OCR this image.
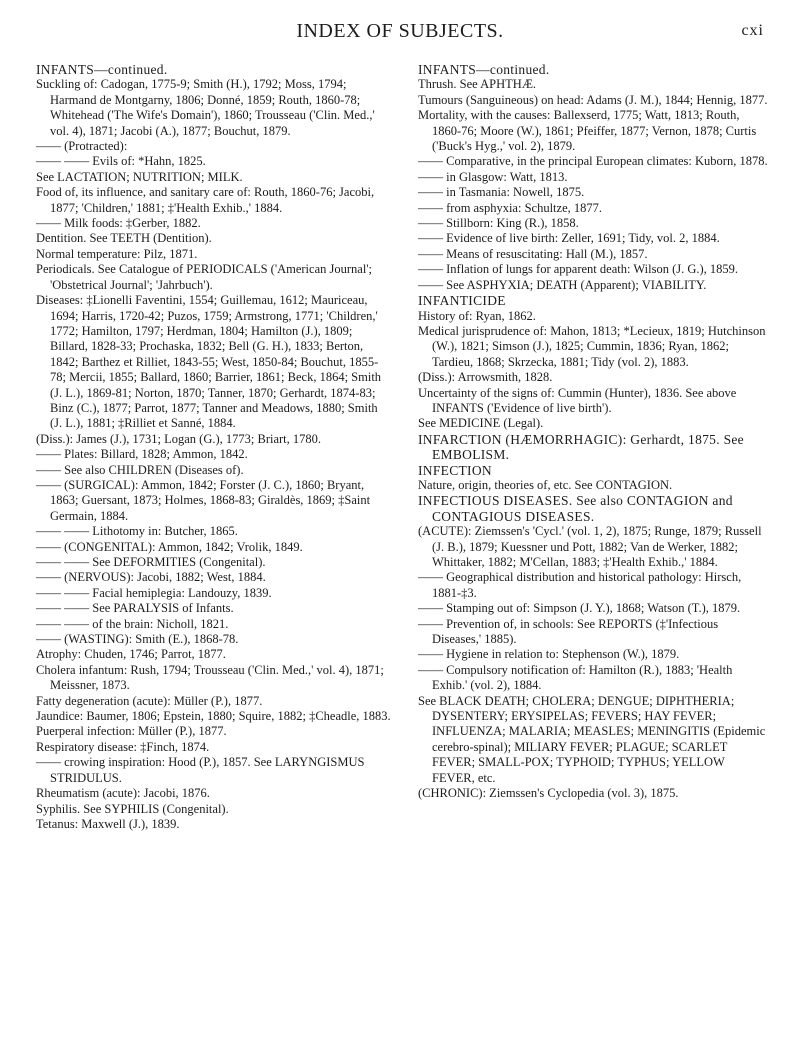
INDEX OF SUBJECTS.	cxi

INFANTS—continued.

Suckling of: Cadogan, 1775-9; Smith (H.), 1792; Moss, 1794; Harmand de Montgarny, 1806; Donné, 1859; Routh, 1860-78; Whitehead ('The Wife's Domain'), 1860; Trousseau ('Clin. Med.,' vol. 4), 1871; Jacobi (A.), 1877; Bouchut, 1879.

—— (Protracted):

—— —— Evils of: *Hahn, 1825.

See LACTATION; NUTRITION; MILK.

Food of, its influence, and sanitary care of: Routh, 1860-76; Jacobi, 1877; 'Children,' 1881; ‡'Health Exhib.,' 1884.

—— Milk foods: ‡Gerber, 1882.

Dentition. See TEETH (Dentition).

Normal temperature: Pilz, 1871.

Periodicals. See Catalogue of PERIODICALS ('American Journal'; 'Obstetrical Journal'; 'Jahrbuch').

Diseases: ‡Lionelli Faventini, 1554; Guillemau, 1612; Mauriceau, 1694; Harris, 1720-42; Puzos, 1759; Armstrong, 1771; 'Children,' 1772; Hamilton, 1797; Herdman, 1804; Hamilton (J.), 1809; Billard, 1828-33; Prochaska, 1832; Bell (G. H.), 1833; Berton, 1842; Barthez et Rilliet, 1843-55; West, 1850-84; Bouchut, 1855-78; Mercii, 1855; Ballard, 1860; Barrier, 1861; Beck, 1864; Smith (J. L.), 1869-81; Norton, 1870; Tanner, 1870; Gerhardt, 1874-83; Binz (C.), 1877; Parrot, 1877; Tanner and Meadows, 1880; Smith (J. L.), 1881; ‡Rilliet et Sanné, 1884.

(Diss.): James (J.), 1731; Logan (G.), 1773; Briart, 1780.

—— Plates: Billard, 1828; Ammon, 1842.

—— See also CHILDREN (Diseases of).

—— (SURGICAL): Ammon, 1842; Forster (J. C.), 1860; Bryant, 1863; Guersant, 1873; Holmes, 1868-83; Giraldès, 1869; ‡Saint Germain, 1884.

—— —— Lithotomy in: Butcher, 1865.

—— (CONGENITAL): Ammon, 1842; Vrolik, 1849.

—— —— See DEFORMITIES (Congenital).

—— (NERVOUS): Jacobi, 1882; West, 1884.

—— —— Facial hemiplegia: Landouzy, 1839.

—— —— See PARALYSIS of Infants.

—— —— of the brain: Nicholl, 1821.

—— (WASTING): Smith (E.), 1868-78.

Atrophy: Chuden, 1746; Parrot, 1877.

Cholera infantum: Rush, 1794; Trousseau ('Clin. Med.,' vol. 4), 1871; Meissner, 1873.

Fatty degeneration (acute): Müller (P.), 1877.

Jaundice: Baumer, 1806; Epstein, 1880; Squire, 1882; ‡Cheadle, 1883.

Puerperal infection: Müller (P.), 1877.

Respiratory disease: ‡Finch, 1874.

—— crowing inspiration: Hood (P.), 1857. See LARYNGISMUS STRIDULUS.

Rheumatism (acute): Jacobi, 1876.

Syphilis. See SYPHILIS (Congenital).

Tetanus: Maxwell (J.), 1839.

INFANTS—continued.

Thrush. See APHTHÆ.

Tumours (Sanguineous) on head: Adams (J. M.), 1844; Hennig, 1877.

Mortality, with the causes: Ballexserd, 1775; Watt, 1813; Routh, 1860-76; Moore (W.), 1861; Pfeiffer, 1877; Vernon, 1878; Curtis ('Buck's Hyg.,' vol. 2), 1879.

—— Comparative, in the principal European climates: Kuborn, 1878.

—— in Glasgow: Watt, 1813.

—— in Tasmania: Nowell, 1875.

—— from asphyxia: Schultze, 1877.

—— Stillborn: King (R.), 1858.

—— Evidence of live birth: Zeller, 1691; Tidy, vol. 2, 1884.

—— Means of resuscitating: Hall (M.), 1857.

—— Inflation of lungs for apparent death: Wilson (J. G.), 1859.

—— See ASPHYXIA; DEATH (Apparent); VIABILITY.

INFANTICIDE

History of: Ryan, 1862.

Medical jurisprudence of: Mahon, 1813; *Lecieux, 1819; Hutchinson (W.), 1821; Simson (J.), 1825; Cummin, 1836; Ryan, 1862; Tardieu, 1868; Skrzecka, 1881; Tidy (vol. 2), 1883.

(Diss.): Arrowsmith, 1828.

Uncertainty of the signs of: Cummin (Hunter), 1836. See above INFANTS ('Evidence of live birth').

See MEDICINE (Legal).

INFARCTION (HÆMORRHAGIC): Gerhardt, 1875. See EMBOLISM.

INFECTION

Nature, origin, theories of, etc. See CONTAGION.

INFECTIOUS DISEASES. See also CONTAGION and CONTAGIOUS DISEASES.

(ACUTE): Ziemssen's 'Cycl.' (vol. 1, 2), 1875; Runge, 1879; Russell (J. B.), 1879; Kuessner und Pott, 1882; Van de Werker, 1882; Whittaker, 1882; M'Cellan, 1883; ‡'Health Exhib.,' 1884.

—— Geographical distribution and historical pathology: Hirsch, 1881-‡3.

—— Stamping out of: Simpson (J. Y.), 1868; Watson (T.), 1879.

—— Prevention of, in schools: See REPORTS (‡'Infectious Diseases,' 1885).

—— Hygiene in relation to: Stephenson (W.), 1879.

—— Compulsory notification of: Hamilton (R.), 1883; 'Health Exhib.' (vol. 2), 1884.

See BLACK DEATH; CHOLERA; DENGUE; DIPHTHERIA; DYSENTERY; ERYSIPELAS; FEVERS; HAY FEVER; INFLUENZA; MALARIA; MEASLES; MENINGITIS (Epidemic cerebro-spinal); MILIARY FEVER; PLAGUE; SCARLET FEVER; SMALL-POX; TYPHOID; TYPHUS; YELLOW FEVER, etc.

(CHRONIC): Ziemssen's Cyclopedia (vol. 3), 1875.
